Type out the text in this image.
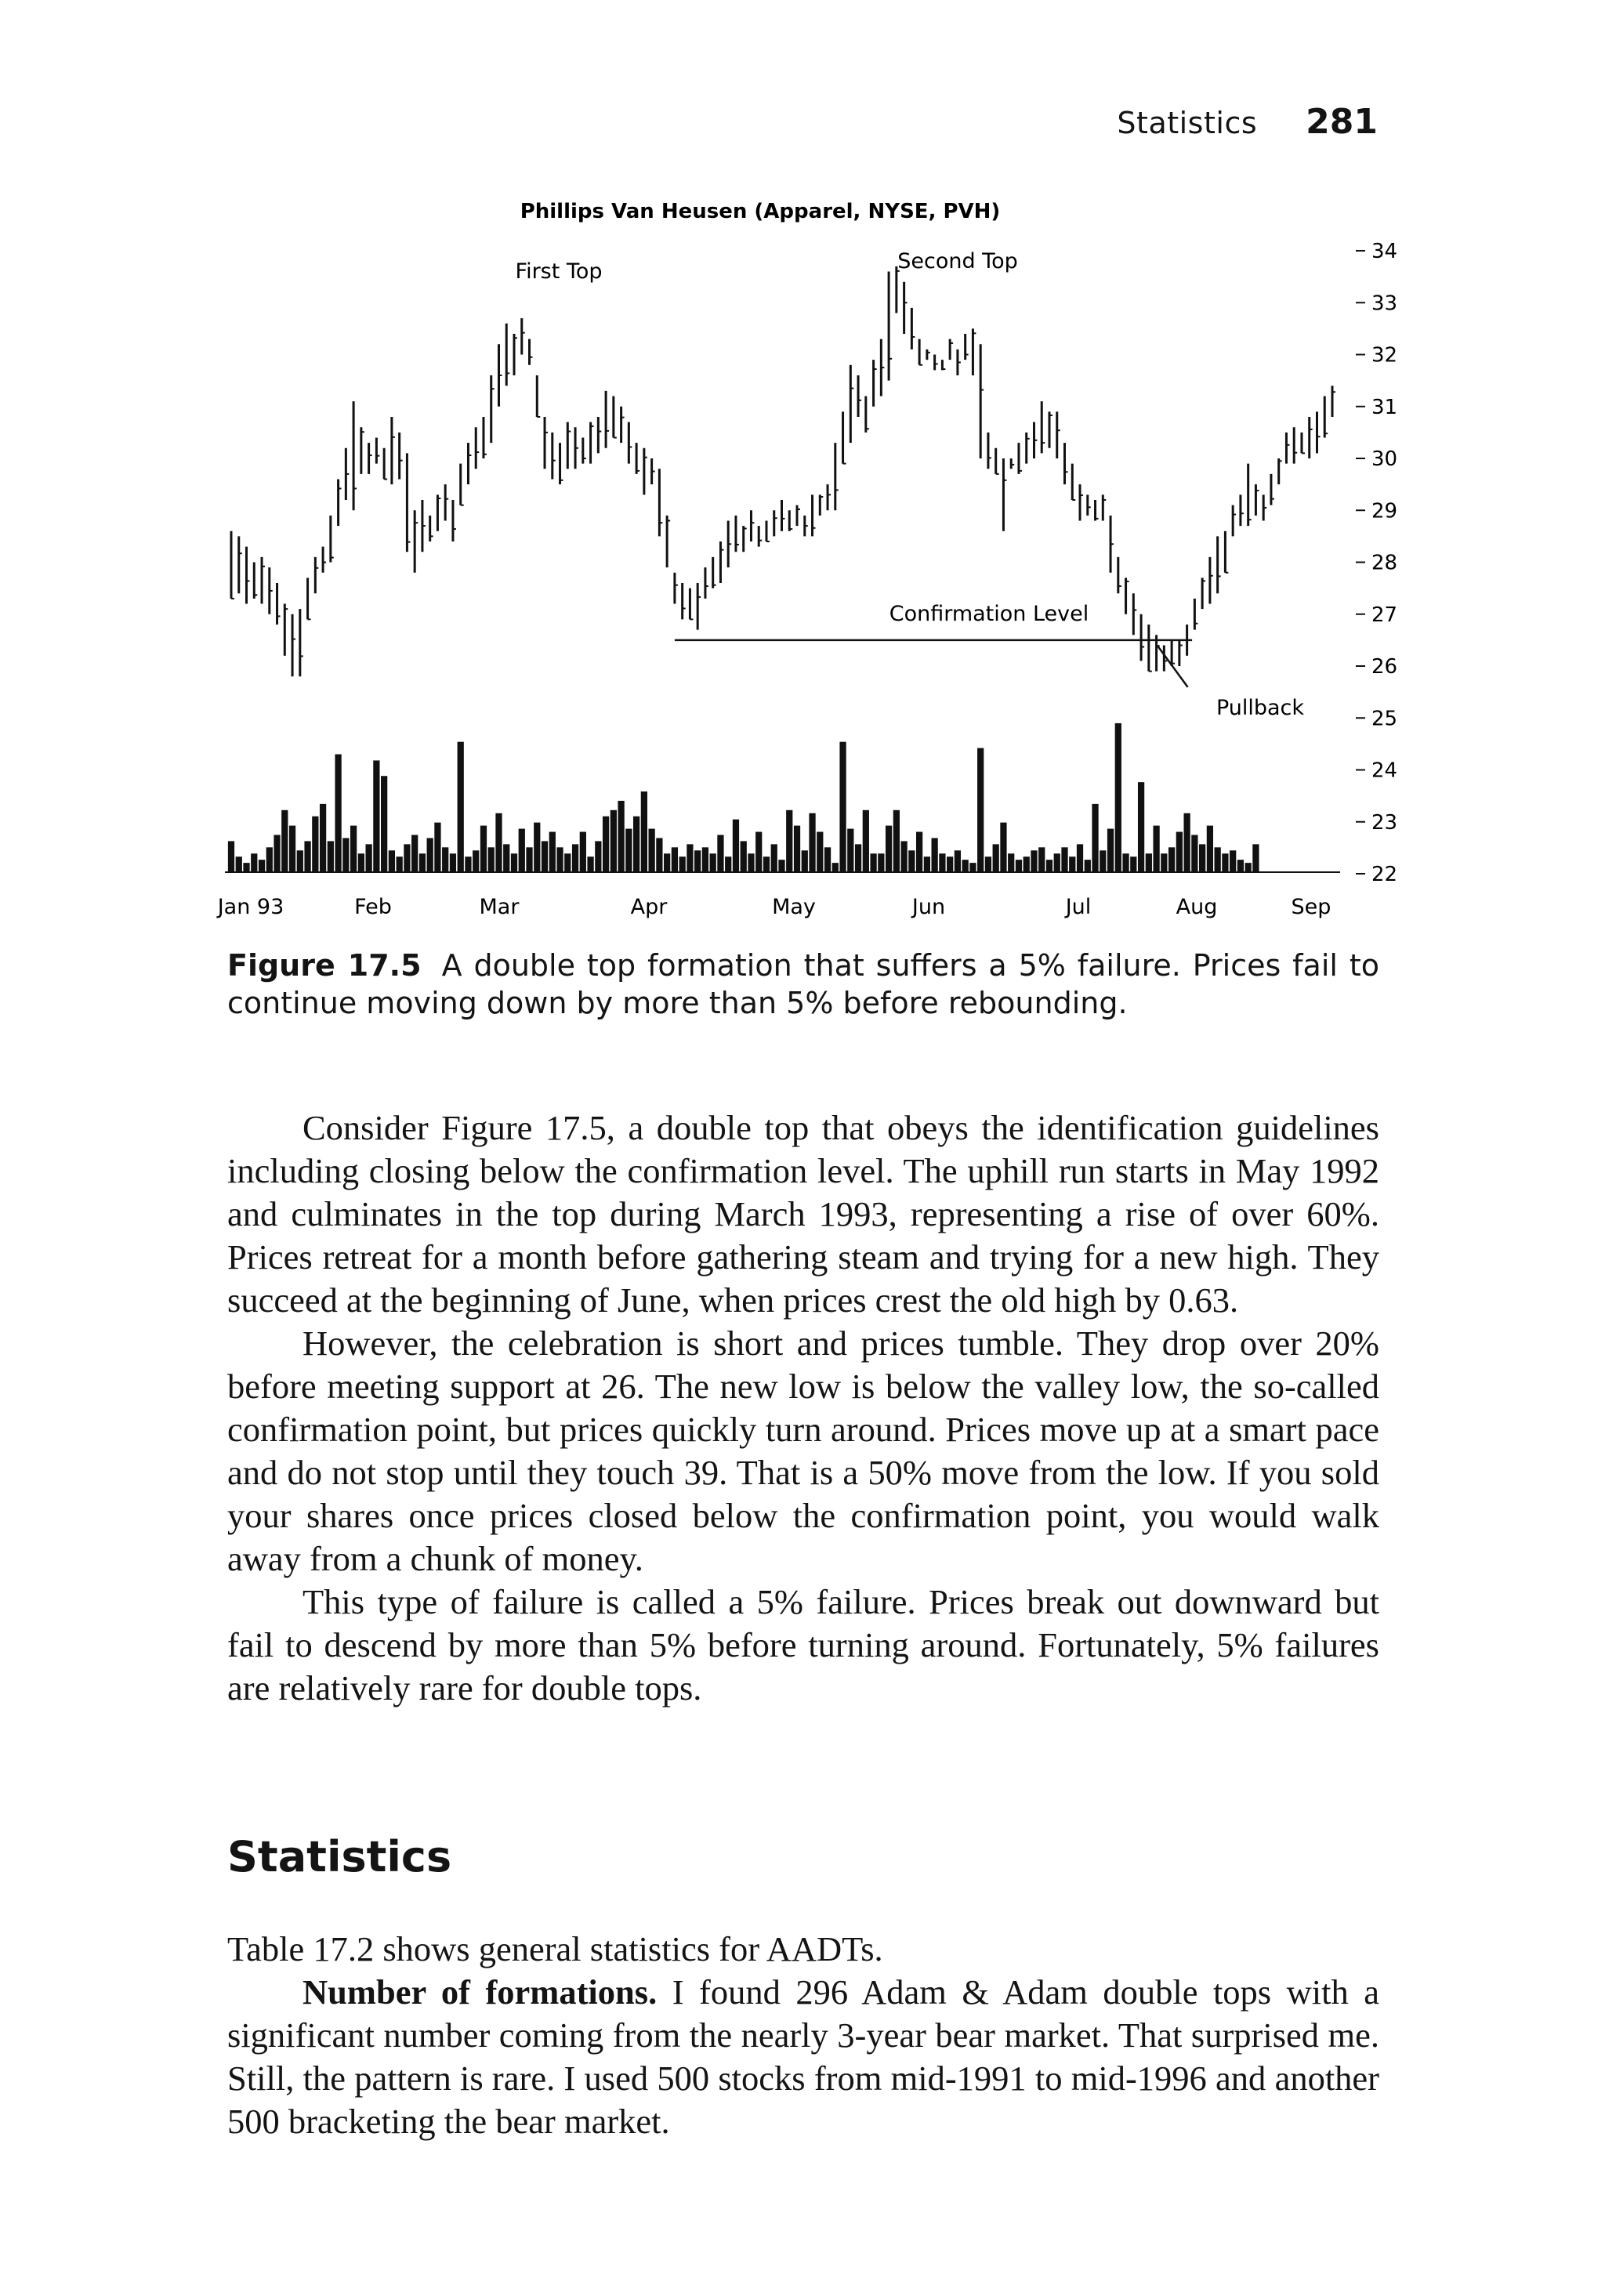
Statistics 281
34
33
32
31
30
29
28
27
26
25
24
23
22
Jan 93	Feb	Mar	Apr	May	Jun	Jul	Aug	Sep
Phillips Van Heusen (Apparel, NYSE, PVH)
First Top	Second Top
Confirmation Level
Pullback
Figure 17.5 A double top formation that suffers a 5% failure. Prices fail to continue moving down by more than 5% before rebounding.

Consider Figure 17.5, a double top that obeys the identification guidelines including closing below the confirmation level. The uphill run starts in May 1992 and culminates in the top during March 1993, representing a rise of over 60%. Prices retreat for a month before gathering steam and trying for a new high. They succeed at the beginning of June, when prices crest the old high by 0.63.

However, the celebration is short and prices tumble. They drop over 20% before meeting support at 26. The new low is below the valley low, the so-called confirmation point, but prices quickly turn around. Prices move up at a smart pace and do not stop until they touch 39. That is a 50% move from the low. If you sold your shares once prices closed below the confirmation point, you would walk away from a chunk of money.

This type of failure is called a 5% failure. Prices break out downward but fail to descend by more than 5% before turning around. Fortunately, 5% failures are relatively rare for double tops.

Statistics

Table 17.2 shows general statistics for AADTs.

Number of formations. I found 296 Adam & Adam double tops with a significant number coming from the nearly 3-year bear market. That surprised me. Still, the pattern is rare. I used 500 stocks from mid-1991 to mid-1996 and another 500 bracketing the bear market.
